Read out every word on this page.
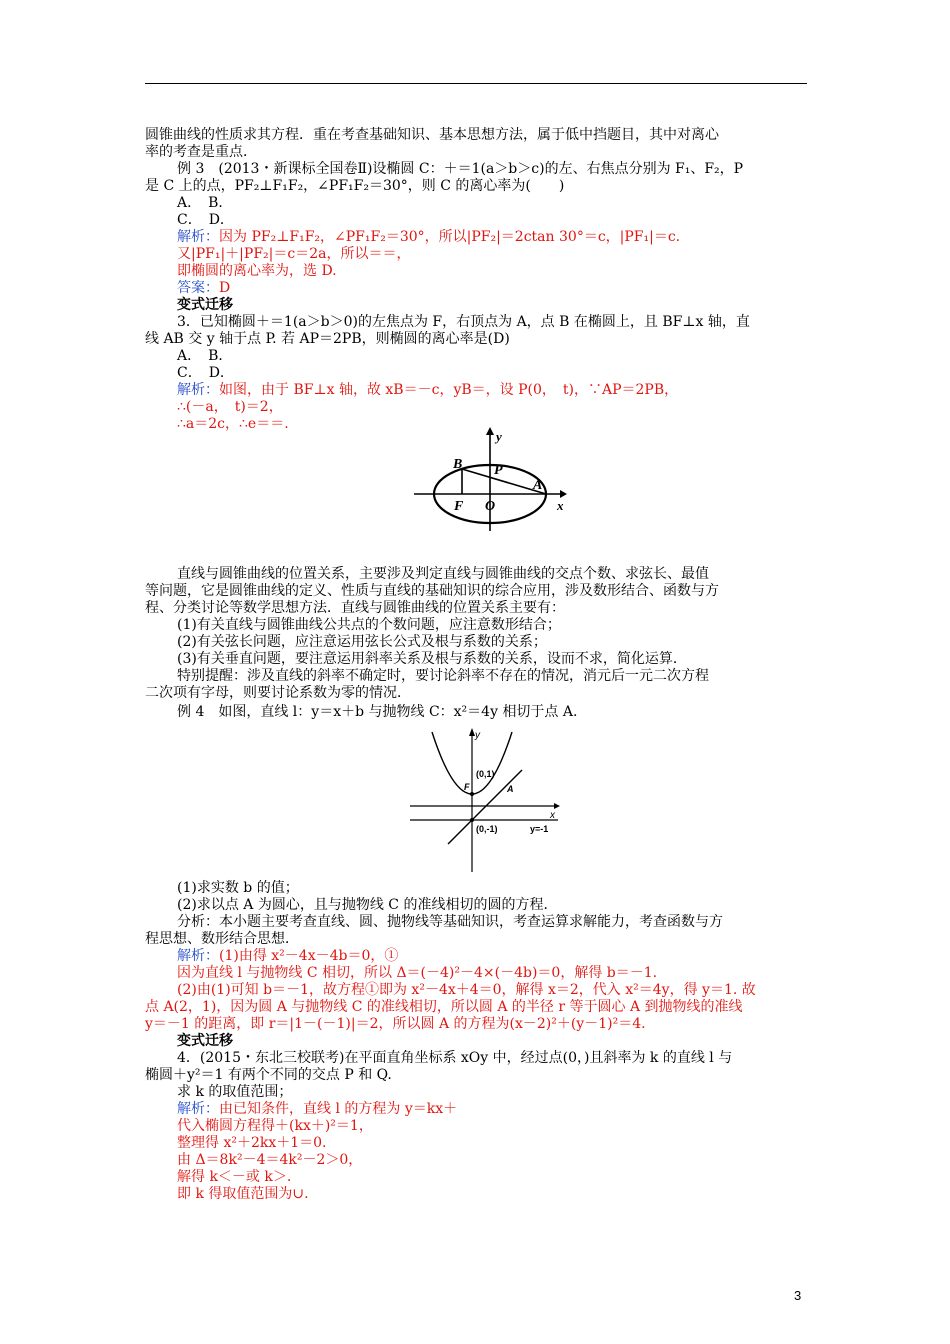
圆锥曲线的性质求其方程．重在考查基础知识、基本思想方法，属于低中挡题目，其中对离心
率的考查是重点．
例 3　(2013・新课标全国卷Ⅱ)设椭圆 C：＋＝1(a＞b＞c)的左、右焦点分别为 F₁、F₂，P
是 C 上的点，PF₂⊥F₁F₂，∠PF₁F₂＝30°，则 C 的离心率为(　　)
A．　B．
C．　D．
解析：因为 PF₂⊥F₁F₂，∠PF₁F₂＝30°，所以|PF₂|＝2ctan 30°＝c，|PF₁|＝c.
又|PF₁|＋|PF₂|＝c＝2a，所以＝＝，
即椭圆的离心率为，选 D.
答案：D
变式迁移
3．已知椭圆＋＝1(a＞b＞0)的左焦点为 F，右顶点为 A，点 B 在椭圆上，且 BF⊥x 轴，直
线 AB 交 y 轴于点 P. 若 AP＝2PB，则椭圆的离心率是(D)
A．　B．
C．　D．
解析：如图，由于 BF⊥x 轴，故 xB＝－c，yB＝，设 P(0，　t)，∵AP＝2PB，
∴(－a，　t)＝2，
∴a＝2c，∴e＝＝.
直线与圆锥曲线的位置关系，主要涉及判定直线与圆锥曲线的交点个数、求弦长、最值
等问题，它是圆锥曲线的定义、性质与直线的基础知识的综合应用，涉及数形结合、函数与方
程、分类讨论等数学思想方法．直线与圆锥曲线的位置关系主要有：
(1)有关直线与圆锥曲线公共点的个数问题，应注意数形结合；
(2)有关弦长问题，应注意运用弦长公式及根与系数的关系；
(3)有关垂直问题，要注意运用斜率关系及根与系数的关系，设而不求，简化运算．
特别提醒：涉及直线的斜率不确定时，要讨论斜率不存在的情况，消元后一元二次方程
二次项有字母，则要讨论系数为零的情况．
例 4　如图，直线 l：y＝x＋b 与抛物线 C：x²＝4y 相切于点 A.
(1)求实数 b 的值；
(2)求以点 A 为圆心，且与抛物线 C 的准线相切的圆的方程．
分析：本小题主要考查直线、圆、抛物线等基础知识，考查运算求解能力，考查函数与方
程思想、数形结合思想．
解析：(1)由得 x²－4x－4b＝0，①
因为直线 l 与抛物线 C 相切，所以 Δ＝(－4)²－4×(－4b)＝0，解得 b＝－1.
(2)由(1)可知 b＝－1，故方程①即为 x²－4x＋4＝0，解得 x＝2，代入 x²＝4y，得 y＝1. 故
点 A(2，1)，因为圆 A 与抛物线 C 的准线相切，所以圆 A 的半径 r 等于圆心 A 到抛物线的准线
y＝－1 的距离，即 r＝|1－(－1)|＝2，所以圆 A 的方程为(x－2)²＋(y－1)²＝4.
变式迁移
4．(2015・东北三校联考)在平面直角坐标系 xOy 中，经过点(0，)且斜率为 k 的直线 l 与
椭圆＋y²＝1 有两个不同的交点 P 和 Q.
求 k 的取值范围；
解析：由已知条件，直线 l 的方程为 y＝kx＋
代入椭圆方程得＋(kx＋)²＝1，
整理得 x²＋2kx＋1＝0.
由 Δ＝8k²－4＝4k²－2＞0，
解得 k＜－或 k＞.
即 k 得取值范围为∪.
B P
A
F O	x
y
y
x
F
(0,1)
A
(0,-1)	y=-1
3
